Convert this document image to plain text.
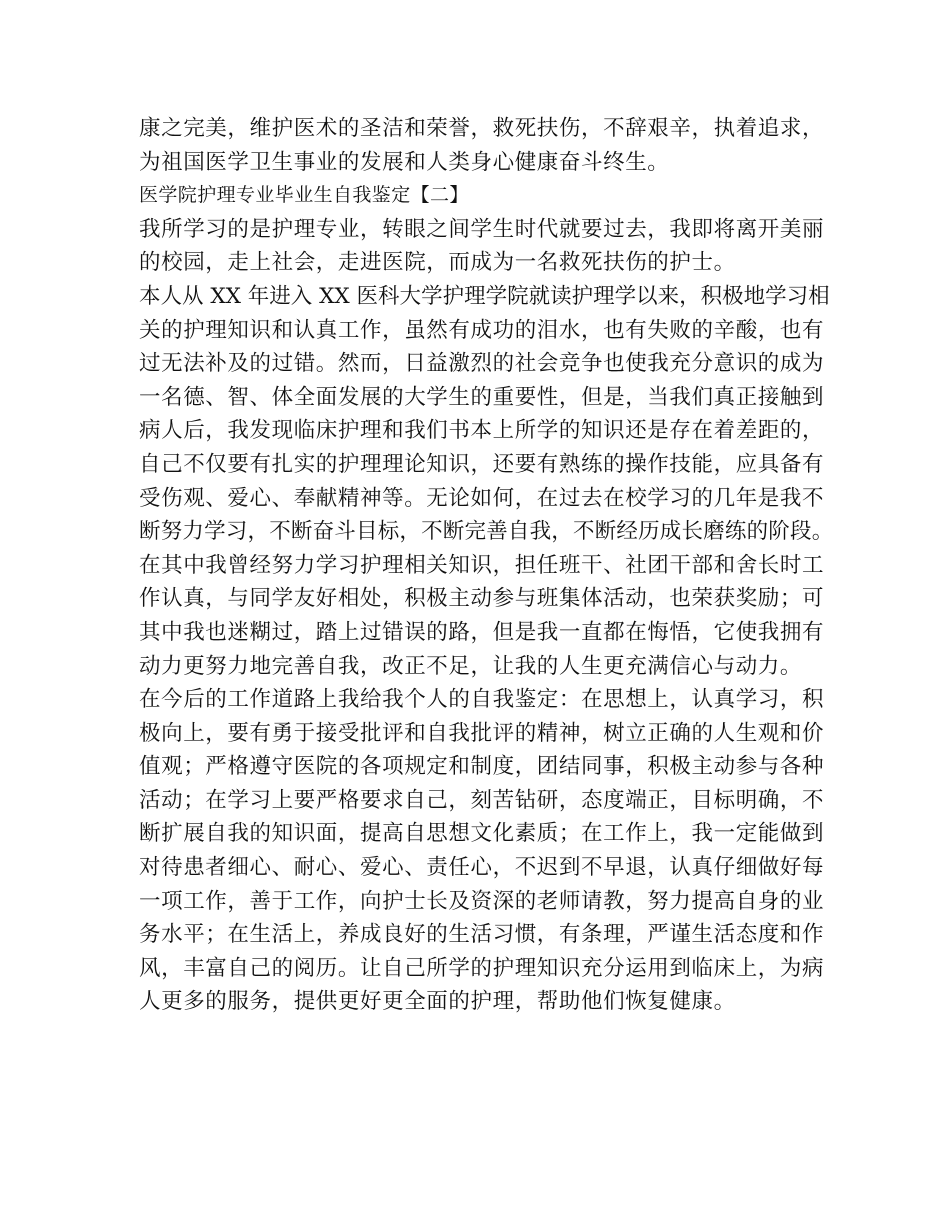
康之完美，维护医术的圣洁和荣誉，救死扶伤，不辞艰辛，执着追求，
为祖国医学卫生事业的发展和人类身心健康奋斗终生。
医学院护理专业毕业生自我鉴定【二】
我所学习的是护理专业，转眼之间学生时代就要过去，我即将离开美丽
的校园，走上社会，走进医院，而成为一名救死扶伤的护士。
本人从 XX 年进入 XX 医科大学护理学院就读护理学以来，积极地学习相
关的护理知识和认真工作，虽然有成功的泪水，也有失败的辛酸，也有
过无法补及的过错。然而，日益激烈的社会竞争也使我充分意识的成为
一名德、智、体全面发展的大学生的重要性，但是，当我们真正接触到
病人后，我发现临床护理和我们书本上所学的知识还是存在着差距的，
自己不仅要有扎实的护理理论知识，还要有熟练的操作技能，应具备有
受伤观、爱心、奉献精神等。无论如何，在过去在校学习的几年是我不
断努力学习，不断奋斗目标，不断完善自我，不断经历成长磨练的阶段。
在其中我曾经努力学习护理相关知识，担任班干、社团干部和舍长时工
作认真，与同学友好相处，积极主动参与班集体活动，也荣获奖励；可
其中我也迷糊过，踏上过错误的路，但是我一直都在悔悟，它使我拥有
动力更努力地完善自我，改正不足，让我的人生更充满信心与动力。
在今后的工作道路上我给我个人的自我鉴定：在思想上，认真学习，积
极向上，要有勇于接受批评和自我批评的精神，树立正确的人生观和价
值观；严格遵守医院的各项规定和制度，团结同事，积极主动参与各种
活动；在学习上要严格要求自己，刻苦钻研，态度端正，目标明确，不
断扩展自我的知识面，提高自思想文化素质；在工作上，我一定能做到
对待患者细心、耐心、爱心、责任心，不迟到不早退，认真仔细做好每
一项工作，善于工作，向护士长及资深的老师请教，努力提高自身的业
务水平；在生活上，养成良好的生活习惯，有条理，严谨生活态度和作
风，丰富自己的阅历。让自己所学的护理知识充分运用到临床上，为病
人更多的服务，提供更好更全面的护理，帮助他们恢复健康。
